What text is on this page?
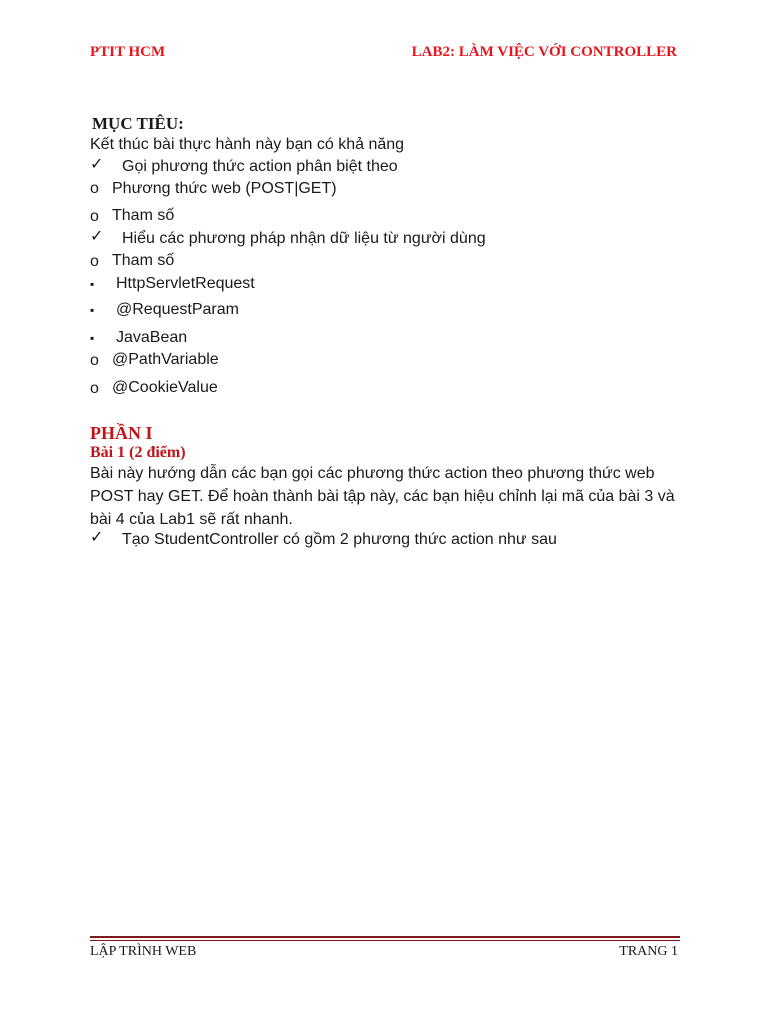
PTIT HCM	LAB2: LÀM VIỆC VỚI CONTROLLER
MỤC TIÊU:
Kết thúc bài thực hành này bạn có khả năng
✓ Gọi phương thức action phân biệt theo
o Phương thức web (POST|GET)
o Tham số
✓ Hiểu các phương pháp nhận dữ liệu từ người dùng
o Tham số
▪ HttpServletRequest
▪ @RequestParam
▪ JavaBean
o @PathVariable
o @CookieValue
PHẦN I
Bài 1 (2 điểm)
Bài này hướng dẫn các bạn gọi các phương thức action theo phương thức web
POST hay GET. Để hoàn thành bài tập này, các bạn hiệu chỉnh lại mã của bài 3 và
bài 4 của Lab1 sẽ rất nhanh.
✓ Tạo StudentController có gồm 2 phương thức action như sau
LẬP TRÌNH WEB	TRANG 1
